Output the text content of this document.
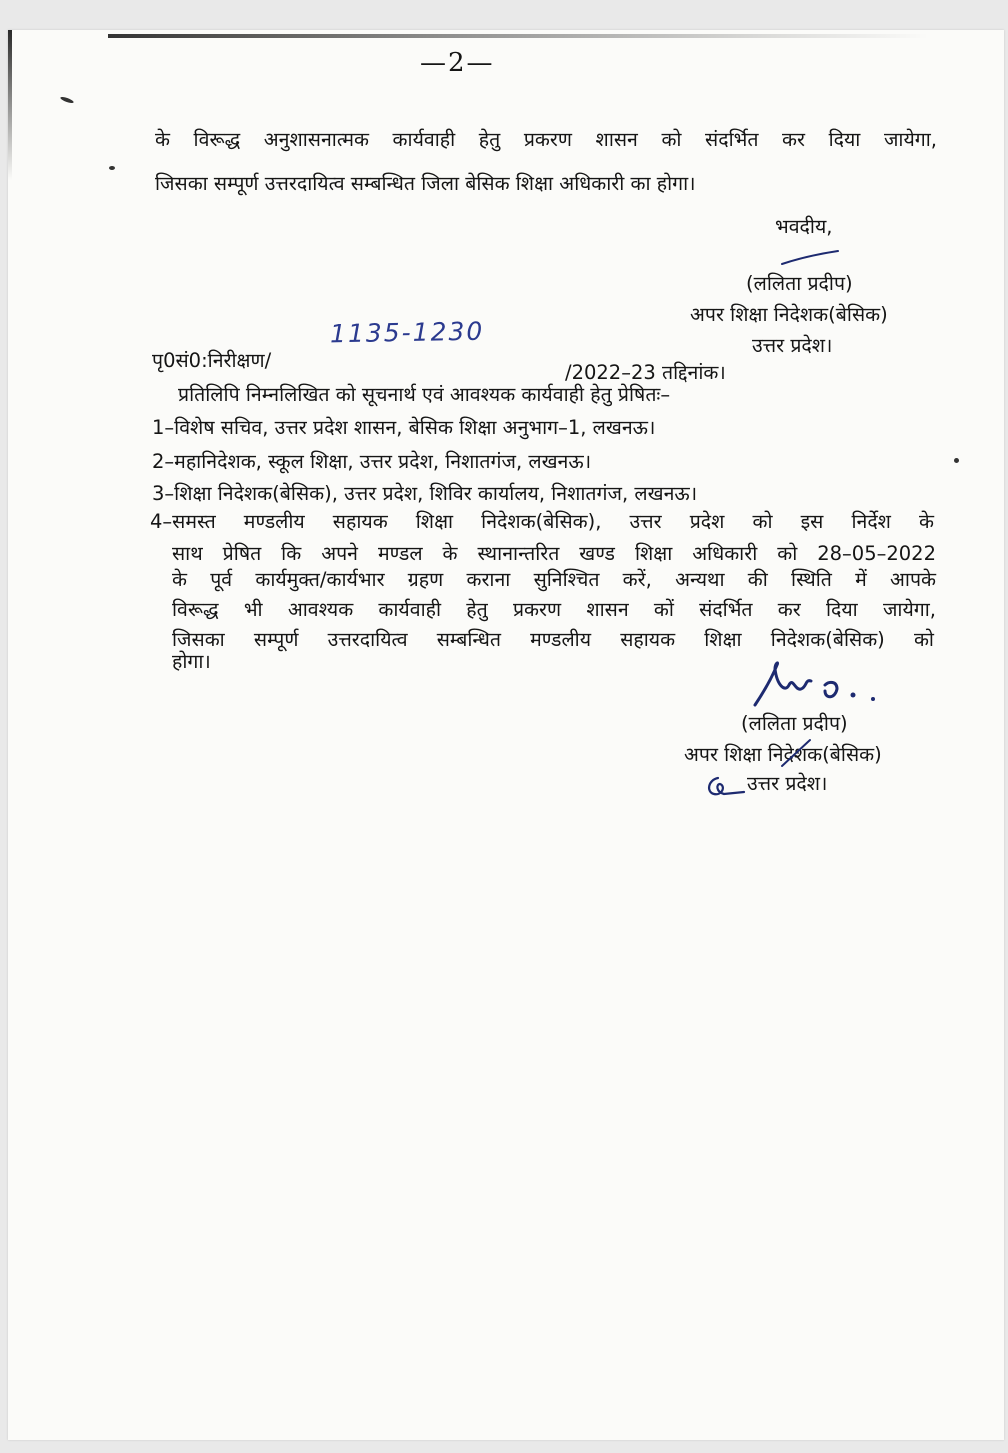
—2—
के विरूद्ध अनुशासनात्मक कार्यवाही हेतु प्रकरण शासन को संदर्भित कर दिया जायेगा,
जिसका सम्पूर्ण उत्तरदायित्व सम्बन्धित जिला बेसिक शिक्षा अधिकारी का होगा।
भवदीय,
(ललिता प्रदीप)
अपर शिक्षा निदेशक(बेसिक)
उत्तर प्रदेश।
पृ0सं0:निरीक्षण/
1135-1230
/2022–23 तद्दिनांक।
प्रतिलिपि निम्नलिखित को सूचनार्थ एवं आवश्यक कार्यवाही हेतु प्रेषितः–
1–विशेष सचिव, उत्तर प्रदेश शासन, बेसिक शिक्षा अनुभाग–1, लखनऊ।
2–महानिदेशक, स्कूल शिक्षा, उत्तर प्रदेश, निशातगंज, लखनऊ।
3–शिक्षा निदेशक(बेसिक), उत्तर प्रदेश, शिविर कार्यालय, निशातगंज, लखनऊ।
4–समस्त मण्डलीय सहायक शिक्षा निदेशक(बेसिक), उत्तर प्रदेश को इस निर्देश के
साथ प्रेषित कि अपने मण्डल के स्थानान्तरित खण्ड शिक्षा अधिकारी को 28–05–2022
के पूर्व कार्यमुक्त/कार्यभार ग्रहण कराना सुनिश्चित करें, अन्यथा की स्थिति में आपके
विरूद्ध भी आवश्यक कार्यवाही हेतु प्रकरण शासन कों संदर्भित कर दिया जायेगा,
जिसका सम्पूर्ण उत्तरदायित्व सम्बन्धित मण्डलीय सहायक शिक्षा निदेशक(बेसिक) को
होगा।
(ललिता प्रदीप)
अपर शिक्षा निदेशक(बेसिक)
उत्तर प्रदेश।
